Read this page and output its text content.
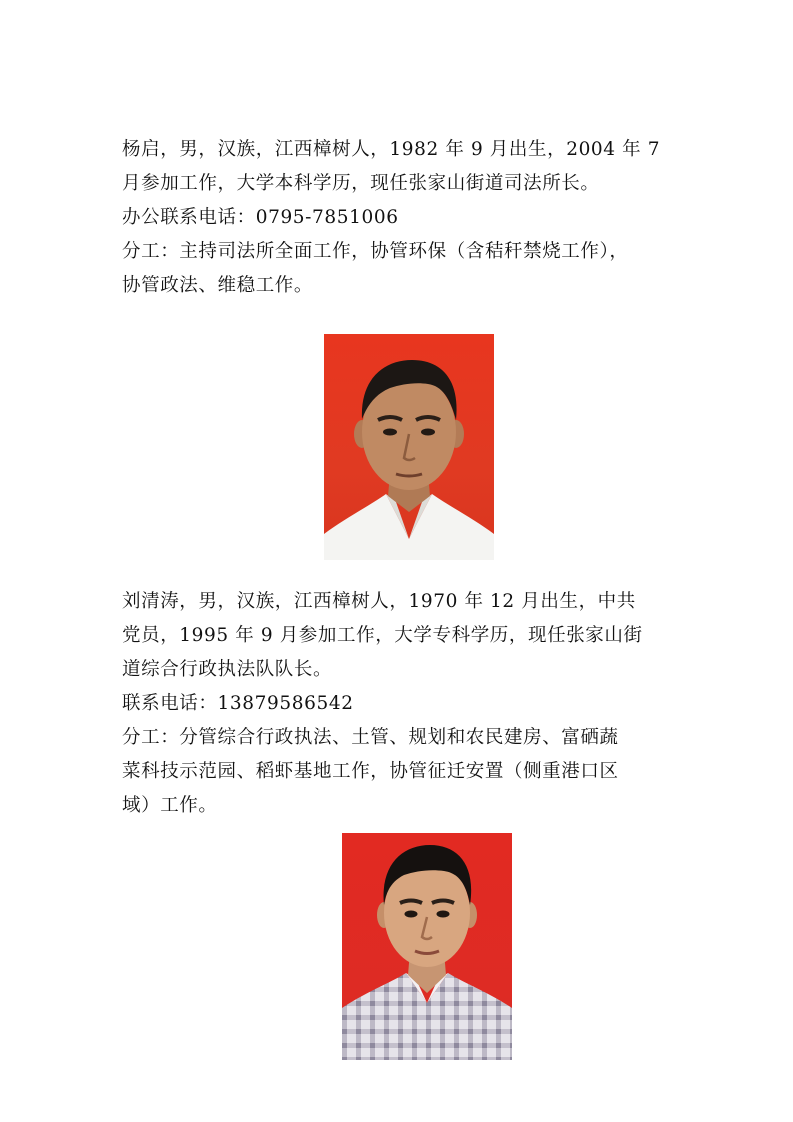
杨启，男，汉族，江西樟树人，1982 年 9 月出生，2004 年 7
月参加工作，大学本科学历，现任张家山街道司法所长。
办公联系电话：0795-7851006
分工：主持司法所全面工作，协管环保（含秸秆禁烧工作），
协管政法、维稳工作。
刘清涛，男，汉族，江西樟树人，1970 年 12 月出生，中共
党员，1995 年 9 月参加工作，大学专科学历，现任张家山街
道综合行政执法队队长。
联系电话：13879586542
分工：分管综合行政执法、土管、规划和农民建房、富硒蔬
菜科技示范园、稻虾基地工作，协管征迁安置（侧重港口区
域）工作。
